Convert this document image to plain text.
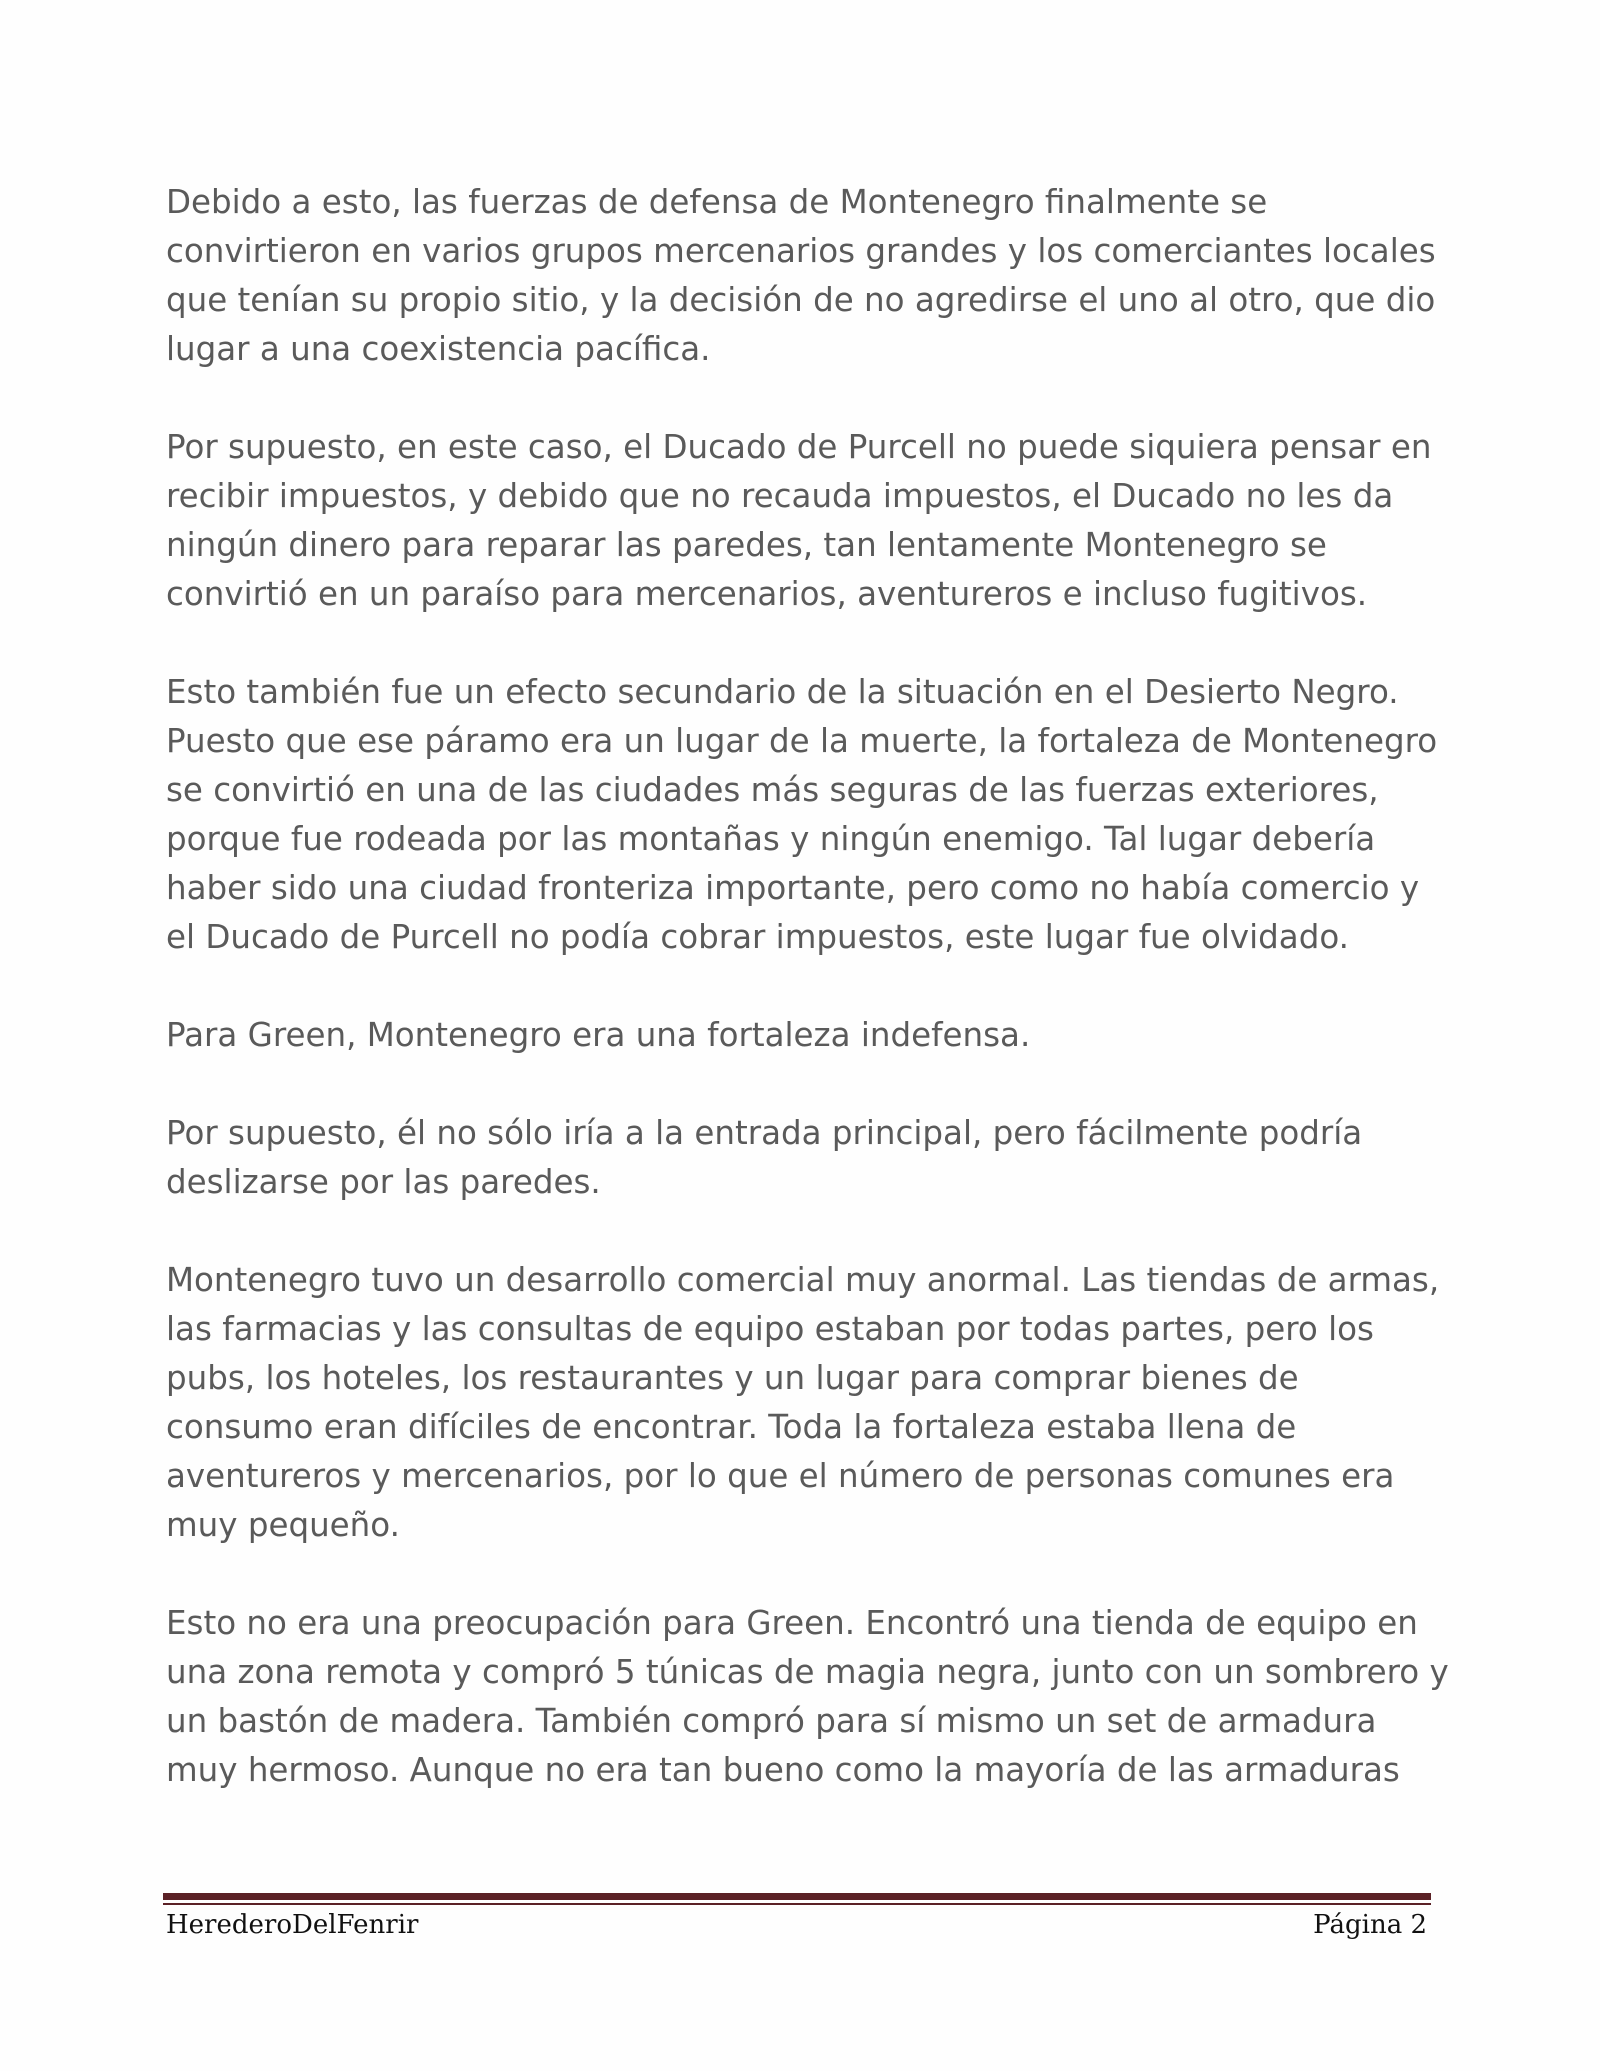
Debido a esto, las fuerzas de defensa de Montenegro finalmente se convirtieron en varios grupos mercenarios grandes y los comerciantes locales que tenían su propio sitio, y la decisión de no agredirse el uno al otro, que dio lugar a una coexistencia pacífica.

Por supuesto, en este caso, el Ducado de Purcell no puede siquiera pensar en recibir impuestos, y debido que no recauda impuestos, el Ducado no les da ningún dinero para reparar las paredes, tan lentamente Montenegro se convirtió en un paraíso para mercenarios, aventureros e incluso fugitivos.

Esto también fue un efecto secundario de la situación en el Desierto Negro. Puesto que ese páramo era un lugar de la muerte, la fortaleza de Montenegro se convirtió en una de las ciudades más seguras de las fuerzas exteriores, porque fue rodeada por las montañas y ningún enemigo. Tal lugar debería haber sido una ciudad fronteriza importante, pero como no había comercio y el Ducado de Purcell no podía cobrar impuestos, este lugar fue olvidado.

Para Green, Montenegro era una fortaleza indefensa.

Por supuesto, él no sólo iría a la entrada principal, pero fácilmente podría deslizarse por las paredes.

Montenegro tuvo un desarrollo comercial muy anormal. Las tiendas de armas, las farmacias y las consultas de equipo estaban por todas partes, pero los pubs, los hoteles, los restaurantes y un lugar para comprar bienes de consumo eran difíciles de encontrar. Toda la fortaleza estaba llena de aventureros y mercenarios, por lo que el número de personas comunes era muy pequeño.

Esto no era una preocupación para Green. Encontró una tienda de equipo en una zona remota y compró 5 túnicas de magia negra, junto con un sombrero y un bastón de madera. También compró para sí mismo un set de armadura muy hermoso. Aunque no era tan bueno como la mayoría de las armaduras

HerederoDelFenrir	Página 2
